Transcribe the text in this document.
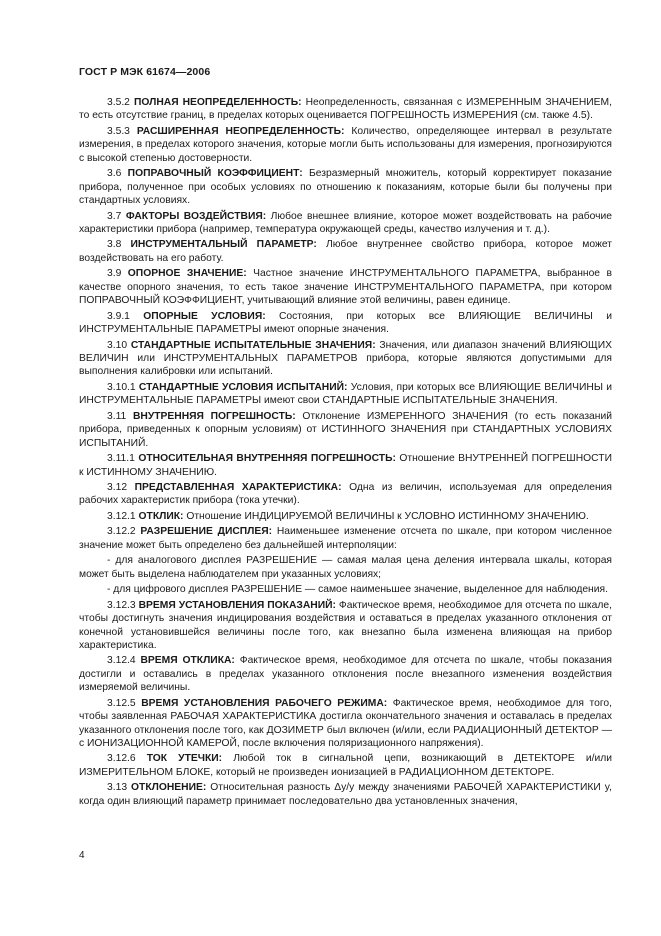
ГОСТ Р МЭК 61674—2006
3.5.2 ПОЛНАЯ НЕОПРЕДЕЛЕННОСТЬ: Неопределенность, связанная с ИЗМЕРЕННЫМ ЗНАЧЕНИЕМ, то есть отсутствие границ, в пределах которых оценивается ПОГРЕШНОСТЬ ИЗМЕРЕНИЯ (см. также 4.5).
3.5.3 РАСШИРЕННАЯ НЕОПРЕДЕЛЕННОСТЬ: Количество, определяющее интервал в результате измерения, в пределах которого значения, которые могли быть использованы для измерения, прогнозируются с высокой степенью достоверности.
3.6 ПОПРАВОЧНЫЙ КОЭФФИЦИЕНТ: Безразмерный множитель, который корректирует показание прибора, полученное при особых условиях по отношению к показаниям, которые были бы получены при стандартных условиях.
3.7 ФАКТОРЫ ВОЗДЕЙСТВИЯ: Любое внешнее влияние, которое может воздействовать на рабочие характеристики прибора (например, температура окружающей среды, качество излучения и т. д.).
3.8 ИНСТРУМЕНТАЛЬНЫЙ ПАРАМЕТР: Любое внутреннее свойство прибора, которое может воздействовать на его работу.
3.9 ОПОРНОЕ ЗНАЧЕНИЕ: Частное значение ИНСТРУМЕНТАЛЬНОГО ПАРАМЕТРА, выбранное в качестве опорного значения, то есть такое значение ИНСТРУМЕНТАЛЬНОГО ПАРАМЕТРА, при котором ПОПРАВОЧНЫЙ КОЭФФИЦИЕНТ, учитывающий влияние этой величины, равен единице.
3.9.1 ОПОРНЫЕ УСЛОВИЯ: Состояния, при которых все ВЛИЯЮЩИЕ ВЕЛИЧИНЫ и ИНСТРУМЕНТАЛЬНЫЕ ПАРАМЕТРЫ имеют опорные значения.
3.10 СТАНДАРТНЫЕ ИСПЫТАТЕЛЬНЫЕ ЗНАЧЕНИЯ: Значения, или диапазон значений ВЛИЯЮЩИХ ВЕЛИЧИН или ИНСТРУМЕНТАЛЬНЫХ ПАРАМЕТРОВ прибора, которые являются допустимыми для выполнения калибровки или испытаний.
3.10.1 СТАНДАРТНЫЕ УСЛОВИЯ ИСПЫТАНИЙ: Условия, при которых все ВЛИЯЮЩИЕ ВЕЛИЧИНЫ и ИНСТРУМЕНТАЛЬНЫЕ ПАРАМЕТРЫ имеют свои СТАНДАРТНЫЕ ИСПЫТАТЕЛЬНЫЕ ЗНАЧЕНИЯ.
3.11 ВНУТРЕННЯЯ ПОГРЕШНОСТЬ: Отклонение ИЗМЕРЕННОГО ЗНАЧЕНИЯ (то есть показаний прибора, приведенных к опорным условиям) от ИСТИННОГО ЗНАЧЕНИЯ при СТАНДАРТНЫХ УСЛОВИЯХ ИСПЫТАНИЙ.
3.11.1 ОТНОСИТЕЛЬНАЯ ВНУТРЕННЯЯ ПОГРЕШНОСТЬ: Отношение ВНУТРЕННЕЙ ПОГРЕШНОСТИ к ИСТИННОМУ ЗНАЧЕНИЮ.
3.12 ПРЕДСТАВЛЕННАЯ ХАРАКТЕРИСТИКА: Одна из величин, используемая для определения рабочих характеристик прибора (тока утечки).
3.12.1 ОТКЛИК: Отношение ИНДИЦИРУЕМОЙ ВЕЛИЧИНЫ к УСЛОВНО ИСТИННОМУ ЗНАЧЕНИЮ.
3.12.2 РАЗРЕШЕНИЕ ДИСПЛЕЯ: Наименьшее изменение отсчета по шкале, при котором численное значение может быть определено без дальнейшей интерполяции:
- для аналогового дисплея РАЗРЕШЕНИЕ — самая малая цена деления интервала шкалы, которая может быть выделена наблюдателем при указанных условиях;
- для цифрового дисплея РАЗРЕШЕНИЕ — самое наименьшее значение, выделенное для наблюдения.
3.12.3 ВРЕМЯ УСТАНОВЛЕНИЯ ПОКАЗАНИЙ: Фактическое время, необходимое для отсчета по шкале, чтобы достигнуть значения индицирования воздействия и оставаться в пределах указанного отклонения от конечной установившейся величины после того, как внезапно была изменена влияющая на прибор характеристика.
3.12.4 ВРЕМЯ ОТКЛИКА: Фактическое время, необходимое для отсчета по шкале, чтобы показания достигли и оставались в пределах указанного отклонения после внезапного изменения воздействия измеряемой величины.
3.12.5 ВРЕМЯ УСТАНОВЛЕНИЯ РАБОЧЕГО РЕЖИМА: Фактическое время, необходимое для того, чтобы заявленная РАБОЧАЯ ХАРАКТЕРИСТИКА достигла окончательного значения и оставалась в пределах указанного отклонения после того, как ДОЗИМЕТР был включен (и/или, если РАДИАЦИОННЫЙ ДЕТЕКТОР — с ИОНИЗАЦИОННОЙ КАМЕРОЙ, после включения поляризационного напряжения).
3.12.6 ТОК УТЕЧКИ: Любой ток в сигнальной цепи, возникающий в ДЕТЕКТОРЕ и/или ИЗМЕРИТЕЛЬНОМ БЛОКЕ, который не произведен ионизацией в РАДИАЦИОННОМ ДЕТЕКТОРЕ.
3.13 ОТКЛОНЕНИЕ: Относительная разность Δy/y между значениями РАБОЧЕЙ ХАРАКТЕРИСТИКИ y, когда один влияющий параметр принимает последовательно два установленных значения,
4
